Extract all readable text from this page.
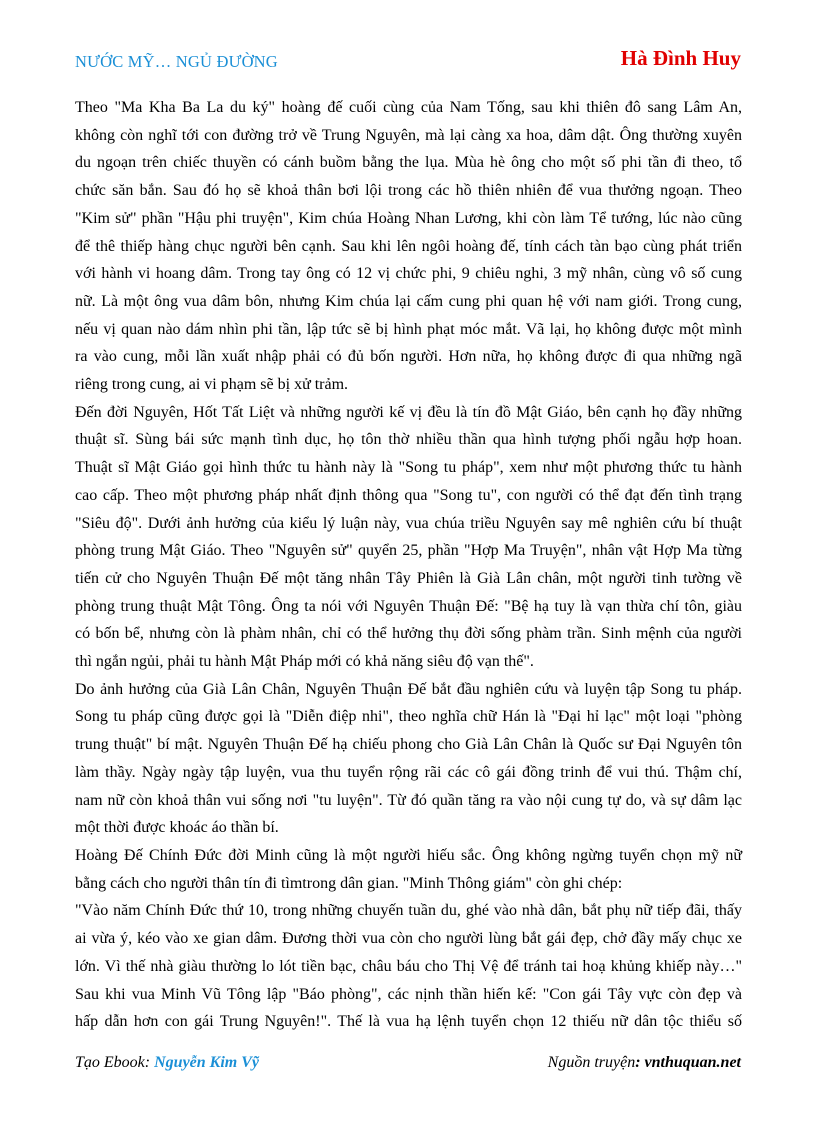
NƯỚC MỸ… NGỦ ĐƯỜNG	Hà Đình Huy
Theo "Ma Kha Ba La du ký" hoàng đế cuối cùng của Nam Tống, sau khi thiên đô sang Lâm An,
không còn nghĩ tới con đường trở về Trung Nguyên, mà lại càng xa hoa, dâm dật. Ông thường xuyên
du ngoạn trên chiếc thuyền có cánh buồm bằng the lụa. Mùa hè ông cho một số phi tần đi theo, tổ
chức săn bắn. Sau đó họ sẽ khoả thân bơi lội trong các hồ thiên nhiên để vua thưởng ngoạn. Theo
"Kim sử" phần "Hậu phi truyện", Kim chúa Hoàng Nhan Lương, khi còn làm Tể tướng, lúc nào cũng
để thê thiếp hàng chục người bên cạnh. Sau khi lên ngôi hoàng đế, tính cách tàn bạo cùng phát triển
với hành vi hoang dâm. Trong tay ông có 12 vị chức phi, 9 chiêu nghi, 3 mỹ nhân, cùng vô số cung
nữ. Là một ông vua dâm bôn, nhưng Kim chúa lại cấm cung phi quan hệ với nam giới. Trong cung,
nếu vị quan nào dám nhìn phi tần, lập tức sẽ bị hình phạt móc mắt. Vã lại, họ không được một mình
ra vào cung, mỗi lần xuất nhập phải có đủ bốn người. Hơn nữa, họ không được đi qua những ngã
riêng trong cung, ai vi phạm sẽ bị xử trảm.
Đến đời Nguyên, Hốt Tất Liệt và những người kế vị đều là tín đồ Mật Giáo, bên cạnh họ đầy những
thuật sĩ. Sùng bái sức mạnh tình dục, họ tôn thờ nhiều thần qua hình tượng phối ngẫu hợp hoan.
Thuật sĩ Mật Giáo gọi hình thức tu hành này là "Song tu pháp", xem như một phương thức tu hành
cao cấp. Theo một phương pháp nhất định thông qua "Song tu", con người có thể đạt đến tình trạng
"Siêu độ". Dưới ảnh hưởng của kiểu lý luận này, vua chúa triều Nguyên say mê nghiên cứu bí thuật
phòng trung Mật Giáo. Theo "Nguyên sử" quyển 25, phần "Hợp Ma Truyện", nhân vật Hợp Ma từng
tiến cử cho Nguyên Thuận Đế một tăng nhân Tây Phiên là Già Lân chân, một người tinh tường về
phòng trung thuật Mật Tông. Ông ta nói với Nguyên Thuận Đế: "Bệ hạ tuy là vạn thừa chí tôn, giàu
có bốn bể, nhưng còn là phàm nhân, chỉ có thể hưởng thụ đời sống phàm trần. Sinh mệnh của người
thì ngắn ngủi, phải tu hành Mật Pháp mới có khả năng siêu độ vạn thế".
Do ảnh hưởng của Già Lân Chân, Nguyên Thuận Đế bắt đầu nghiên cứu và luyện tập Song tu pháp.
Song tu pháp cũng được gọi là "Diễn điệp nhi", theo nghĩa chữ Hán là "Đại hỉ lạc" một loại "phòng
trung thuật" bí mật. Nguyên Thuận Đế hạ chiếu phong cho Già Lân Chân là Quốc sư Đại Nguyên tôn
làm thầy. Ngày ngày tập luyện, vua thu tuyển rộng rãi các cô gái đồng trinh để vui thú. Thậm chí,
nam nữ còn khoả thân vui sống nơi "tu luyện". Từ đó quần tăng ra vào nội cung tự do, và sự dâm lạc
một thời được khoác áo thần bí.
Hoàng Đế Chính Đức đời Minh cũng là một người hiếu sắc. Ông không ngừng tuyển chọn mỹ nữ
bằng cách cho người thân tín đi tìmtrong dân gian. "Minh Thông giám" còn ghi chép:
"Vào năm Chính Đức thứ 10, trong những chuyến tuần du, ghé vào nhà dân, bắt phụ nữ tiếp đãi, thấy
ai vừa ý, kéo vào xe gian dâm. Đương thời vua còn cho người lùng bắt gái đẹp, chở đầy mấy chục xe
lớn. Vì thế nhà giàu thường lo lót tiền bạc, châu báu cho Thị Vệ để tránh tai hoạ khủng khiếp này…"
Sau khi vua Minh Vũ Tông lập "Báo phòng", các nịnh thần hiến kế: "Con gái Tây vực còn đẹp và
hấp dẫn hơn con gái Trung Nguyên!". Thế là vua hạ lệnh tuyển chọn 12 thiếu nữ dân tộc thiểu số
Tạo Ebook: Nguyễn Kim Vỹ	Nguồn truyện: vnthuquan.net
